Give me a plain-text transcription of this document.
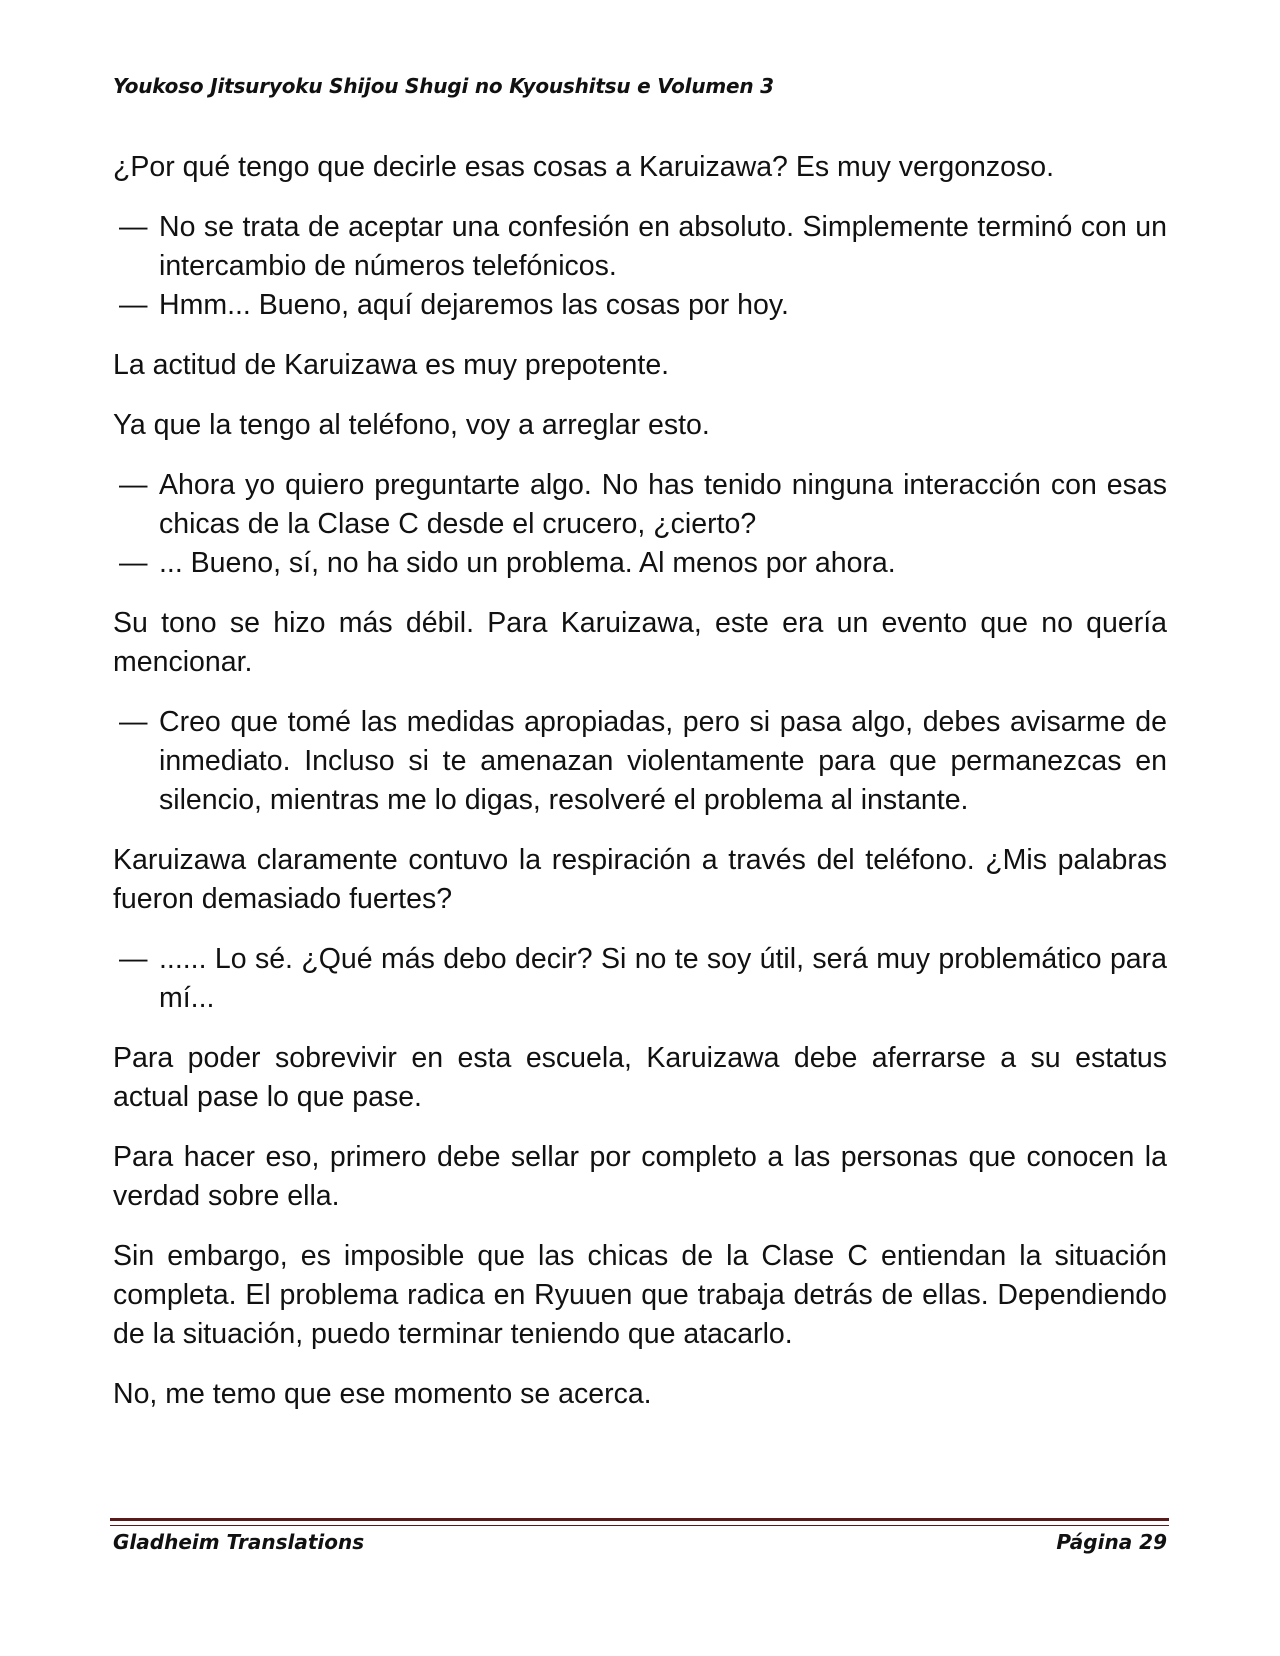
Youkoso Jitsuryoku Shijou Shugi no Kyoushitsu e Volumen 3

¿Por qué tengo que decirle esas cosas a Karuizawa? Es muy vergonzoso.

— No se trata de aceptar una confesión en absoluto. Simplemente terminó con un intercambio de números telefónicos.
— Hmm... Bueno, aquí dejaremos las cosas por hoy.

La actitud de Karuizawa es muy prepotente.

Ya que la tengo al teléfono, voy a arreglar esto.

— Ahora yo quiero preguntarte algo. No has tenido ninguna interacción con esas chicas de la Clase C desde el crucero, ¿cierto?
— ... Bueno, sí, no ha sido un problema. Al menos por ahora.

Su tono se hizo más débil. Para Karuizawa, este era un evento que no quería mencionar.

— Creo que tomé las medidas apropiadas, pero si pasa algo, debes avisarme de inmediato. Incluso si te amenazan violentamente para que permanezcas en silencio, mientras me lo digas, resolveré el problema al instante.

Karuizawa claramente contuvo la respiración a través del teléfono. ¿Mis palabras fueron demasiado fuertes?

— ...... Lo sé. ¿Qué más debo decir? Si no te soy útil, será muy problemático para mí...

Para poder sobrevivir en esta escuela, Karuizawa debe aferrarse a su estatus actual pase lo que pase.

Para hacer eso, primero debe sellar por completo a las personas que conocen la verdad sobre ella.

Sin embargo, es imposible que las chicas de la Clase C entiendan la situación completa. El problema radica en Ryuuen que trabaja detrás de ellas. Dependiendo de la situación, puedo terminar teniendo que atacarlo.

No, me temo que ese momento se acerca.

Gladheim Translations	Página 29
